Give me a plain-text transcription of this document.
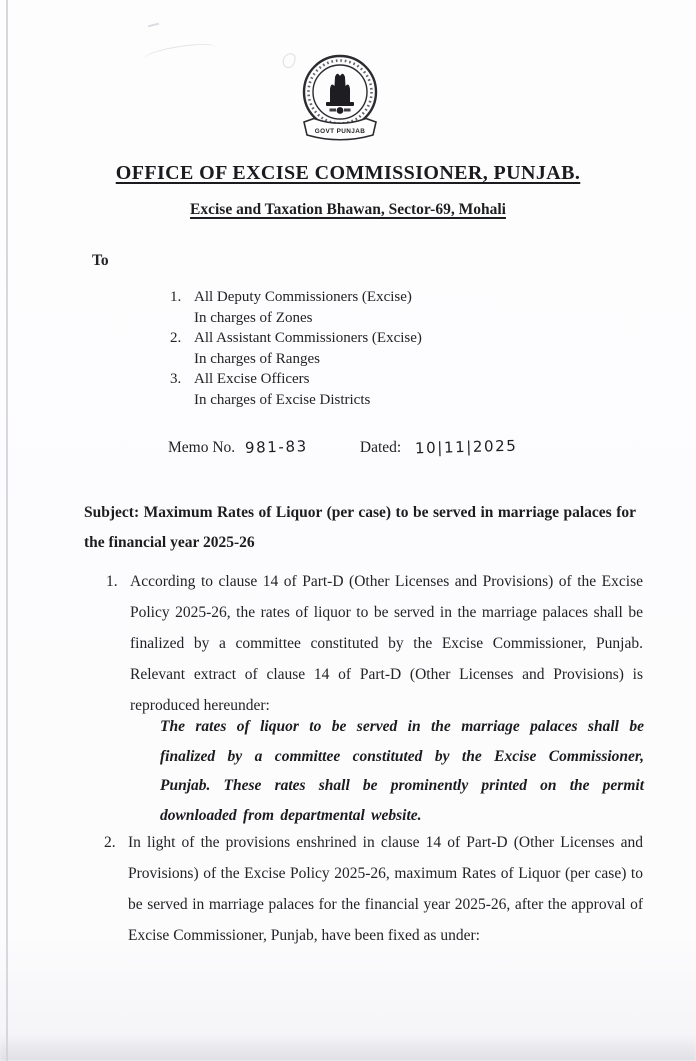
GOVT PUNJAB
OFFICE OF EXCISE COMMISSIONER, PUNJAB.
Excise and Taxation Bhawan, Sector-69, Mohali
To
1. All Deputy Commissioners (Excise)
In charges of Zones
2. All Assistant Commissioners (Excise)
In charges of Ranges
3. All Excise Officers
In charges of Excise Districts
Memo No. 981-83	Dated: 10|11|2025
Subject: Maximum Rates of Liquor (per case) to be served in marriage palaces for the financial year 2025-26
1. According to clause 14 of Part-D (Other Licenses and Provisions) of the Excise Policy 2025-26, the rates of liquor to be served in the marriage palaces shall be finalized by a committee constituted by the Excise Commissioner, Punjab. Relevant extract of clause 14 of Part-D (Other Licenses and Provisions) is reproduced hereunder:
The rates of liquor to be served in the marriage palaces shall be finalized by a committee constituted by the Excise Commissioner, Punjab. These rates shall be prominently printed on the permit downloaded from departmental website.
2. In light of the provisions enshrined in clause 14 of Part-D (Other Licenses and Provisions) of the Excise Policy 2025-26, maximum Rates of Liquor (per case) to be served in marriage palaces for the financial year 2025-26, after the approval of Excise Commissioner, Punjab, have been fixed as under:
